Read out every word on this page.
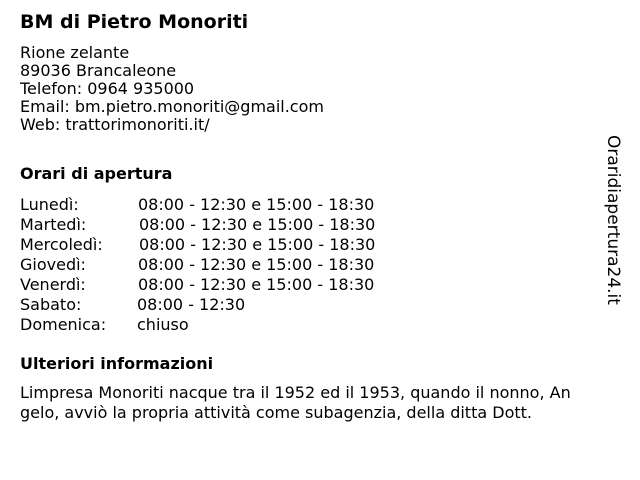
BM di Pietro Monoriti
Rione zelante
89036 Brancaleone
Telefon: 0964 935000
Email: bm.pietro.monoriti@gmail.com
Web: trattorimonoriti.it/
Orari di apertura
Lunedì:	08:00 - 12:30 e 15:00 - 18:30
Martedì:	08:00 - 12:30 e 15:00 - 18:30
Mercoledì: 08:00 - 12:30 e 15:00 - 18:30
Giovedì:	08:00 - 12:30 e 15:00 - 18:30
Venerdì:	08:00 - 12:30 e 15:00 - 18:30
Sabato:	08:00 - 12:30
Domenica: chiuso
Ulteriori informazioni
Limpresa Monoriti nacque tra il 1952 ed il 1953, quando il nonno, An
gelo, avviò la propria attività come subagenzia, della ditta Dott.
Oraridiapertura24.it
